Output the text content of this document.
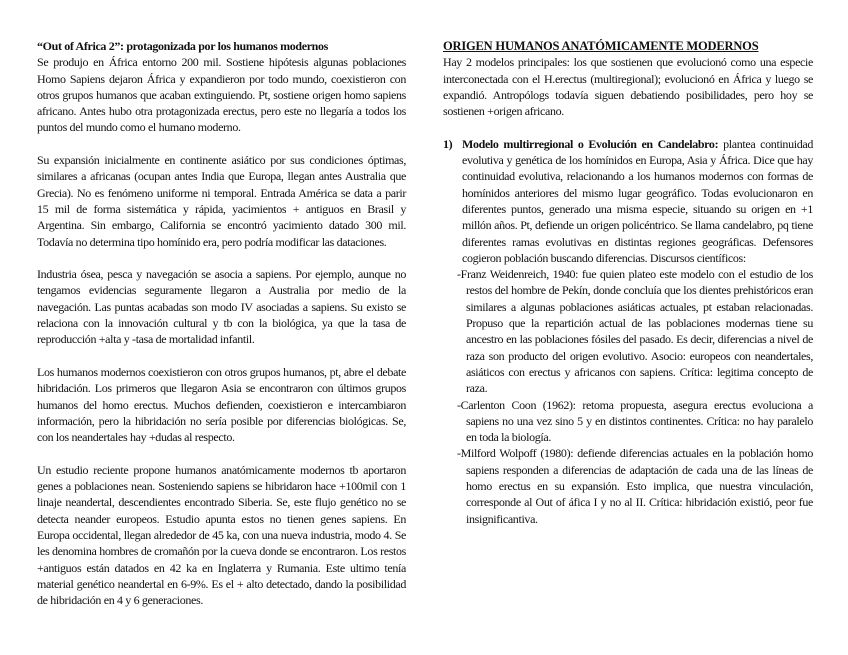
“Out of Africa 2”: protagonizada por los humanos modernos

Se produjo en África entorno 200 mil. Sostiene hipótesis algunas poblaciones Homo Sapiens dejaron África y expandieron por todo mundo, coexistieron con otros grupos humanos que acaban extinguiendo. Pt, sostiene origen homo sapiens africano. Antes hubo otra protagonizada erectus, pero este no llegaría a todos los puntos del mundo como el humano moderno.

Su expansión inicialmente en continente asiático por sus condiciones óptimas, similares a africanas (ocupan antes India que Europa, llegan antes Australia que Grecia). No es fenómeno uniforme ni temporal. Entrada América se data a parir 15 mil de forma sistemática y rápida, yacimientos + antiguos en Brasil y Argentina. Sin embargo, California se encontró yacimiento datado 300 mil. Todavía no determina tipo homínido era, pero podría modificar las dataciones.

Industria ósea, pesca y navegación se asocia a sapiens. Por ejemplo, aunque no tengamos evidencias seguramente llegaron a Australia por medio de la navegación. Las puntas acabadas son modo IV asociadas a sapiens. Su existo se relaciona con la innovación cultural y tb con la biológica, ya que la tasa de reproducción +alta y -tasa de mortalidad infantil.

Los humanos modernos coexistieron con otros grupos humanos, pt, abre el debate hibridación. Los primeros que llegaron Asia se encontraron con últimos grupos humanos del homo erectus. Muchos defienden, coexistieron e intercambiaron información, pero la hibridación no sería posible por diferencias biológicas. Se, con los neandertales hay +dudas al respecto.

Un estudio reciente propone humanos anatómicamente modernos tb aportaron genes a poblaciones nean. Sosteniendo sapiens se hibridaron hace +100mil con 1 linaje neandertal, descendientes encontrado Siberia. Se, este flujo genético no se detecta neander europeos. Estudio apunta estos no tienen genes sapiens. En Europa occidental, llegan alrededor de 45 ka, con una nueva industria, modo 4. Se les denomina hombres de cromañón por la cueva donde se encontraron. Los restos +antiguos están datados en 42 ka en Inglaterra y Rumania. Este ultimo tenía material genético neandertal en 6-9%. Es el + alto detectado, dando la posibilidad de hibridación en 4 y 6 generaciones.

ORIGEN HUMANOS ANATÓMICAMENTE MODERNOS

Hay 2 modelos principales: los que sostienen que evolucionó como una especie interconectada con el H.erectus (multiregional); evolucionó en África y luego se expandió. Antropólogs todavía siguen debatiendo posibilidades, pero hoy se sostienen +origen africano.

1) Modelo multirregional o Evolución en Candelabro: plantea continuidad evolutiva y genética de los homínidos en Europa, Asia y África. Dice que hay continuidad evolutiva, relacionando a los humanos modernos con formas de homínidos anteriores del mismo lugar geográfico. Todas evolucionaron en diferentes puntos, generado una misma especie, situando su origen en +1 millón años. Pt, defiende un origen policéntrico. Se llama candelabro, pq tiene diferentes ramas evolutivas en distintas regiones geográficas. Defensores cogieron población buscando diferencias. Discursos científicos:

-Franz Weidenreich, 1940: fue quien plateo este modelo con el estudio de los restos del hombre de Pekín, donde concluía que los dientes prehistóricos eran similares a algunas poblaciones asiáticas actuales, pt estaban relacionadas. Propuso que la repartición actual de las poblaciones modernas tiene su ancestro en las poblaciones fósiles del pasado. Es decir, diferencias a nivel de raza son producto del origen evolutivo. Asocio: europeos con neandertales, asiáticos con erectus y africanos con sapiens. Crítica: legitima concepto de raza.

-Carlenton Coon (1962): retoma propuesta, asegura erectus evoluciona a sapiens no una vez sino 5 y en distintos continentes. Crítica: no hay paralelo en toda la biología.

-Milford Wolpoff (1980): defiende diferencias actuales en la población homo sapiens responden a diferencias de adaptación de cada una de las líneas de homo erectus en su expansión. Esto implica, que nuestra vinculación, corresponde al Out of áfica I y no al II. Crítica: hibridación existió, peor fue insignificantiva.
